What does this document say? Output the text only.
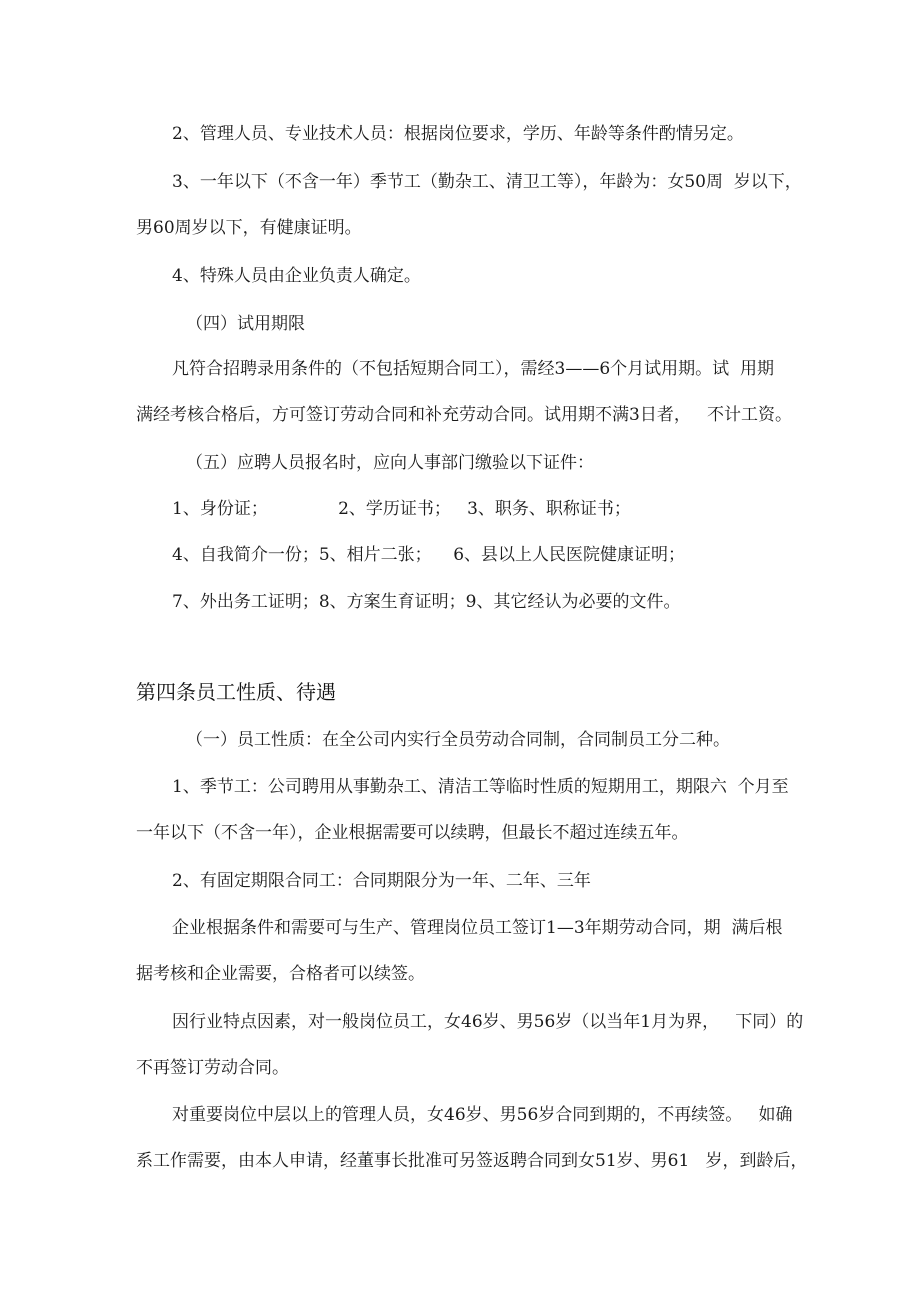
2、管理人员、专业技术人员：根据岗位要求，学历、年龄等条件酌情另定。

3、一年以下（不含一年）季节工（勤杂工、清卫工等），年龄为：女50周  岁以下，

男60周岁以下，有健康证明。

4、特殊人员由企业负责人确定。

（四）试用期限

凡符合招聘录用条件的（不包括短期合同工），需经3——6个月试用期。试  用期

满经考核合格后，方可签订劳动合同和补充劳动合同。试用期不满3日者，   不计工资。

（五）应聘人员报名时，应向人事部门缴验以下证件：

1、身份证；             2、学历证书；   3、职务、职称证书；

4、自我简介一份；5、相片二张；    6、县以上人民医院健康证明；

7、外出务工证明；8、方案生育证明；9、其它经认为必要的文件。

第四条员工性质、待遇

（一）员工性质：在全公司内实行全员劳动合同制，合同制员工分二种。

1、季节工：公司聘用从事勤杂工、清洁工等临时性质的短期用工，期限六  个月至

一年以下（不含一年），企业根据需要可以续聘，但最长不超过连续五年。

2、有固定期限合同工：合同期限分为一年、二年、三年

企业根据条件和需要可与生产、管理岗位员工签订1—3年期劳动合同，期  满后根

据考核和企业需要，合格者可以续签。

因行业特点因素，对一般岗位员工，女46岁、男56岁（以当年1月为界，   下同）的

不再签订劳动合同。

对重要岗位中层以上的管理人员，女46岁、男56岁合同到期的，不再续签。   如确

系工作需要，由本人申请，经董事长批准可另签返聘合同到女51岁、男61   岁，到龄后，
